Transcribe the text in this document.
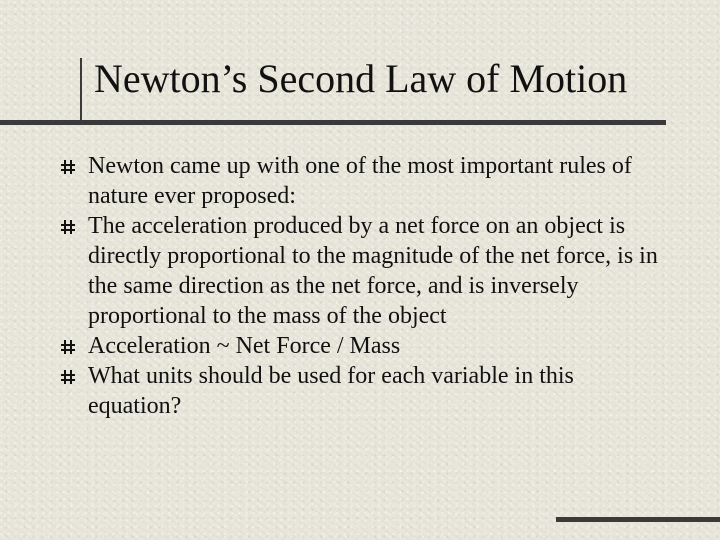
Newton’s Second Law of Motion
Newton came up with one of the most important rules of nature ever proposed:
The acceleration produced by a net force on an object is directly proportional to the magnitude of the net force, is in the same direction as the net force, and is inversely proportional to the mass of the object
Acceleration ~ Net Force / Mass
What units should be used for each variable in this equation?
